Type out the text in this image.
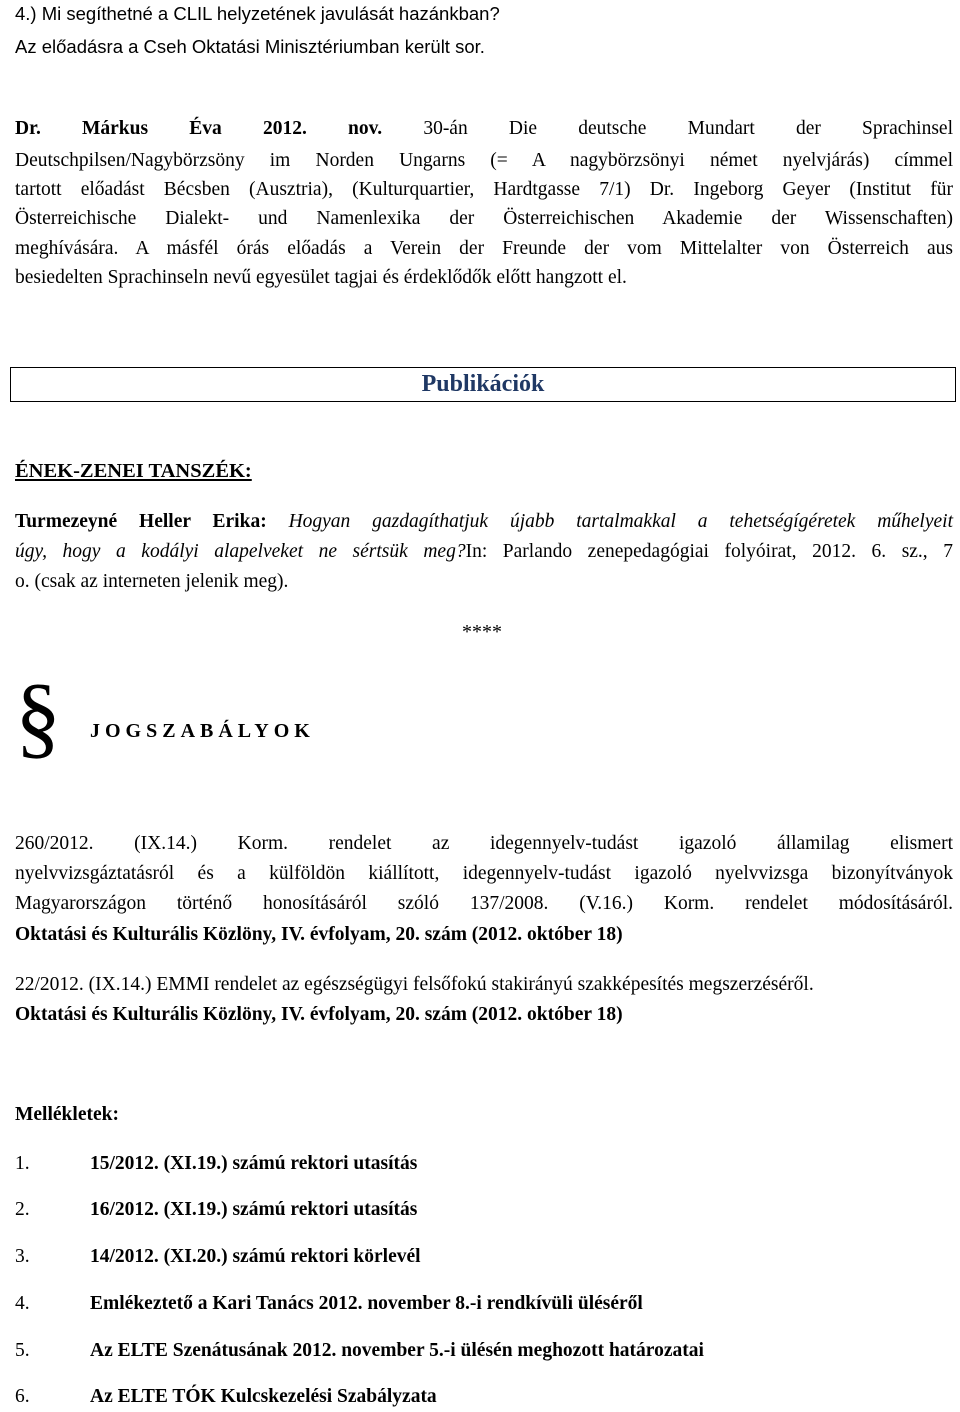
4.) Mi segíthetné a CLIL helyzetének javulását hazánkban?
Az előadásra a Cseh Oktatási Minisztériumban került sor.
Dr. Márkus Éva 2012. nov. 30-án Die deutsche Mundart der Sprachinsel
Deutschpilsen/Nagybörzsöny im Norden Ungarns (= A nagybörzsönyi német nyelvjárás) címmel
tartott előadást Bécsben (Ausztria), (Kulturquartier, Hardtgasse 7/1) Dr. Ingeborg Geyer (Institut für
Österreichische Dialekt- und Namenlexika der Österreichischen Akademie der Wissenschaften)
meghívására. A másfél órás előadás a Verein der Freunde der vom Mittelalter von Österreich aus
besiedelten Sprachinseln nevű egyesület tagjai és érdeklődők előtt hangzott el.
Publikációk
ÉNEK-ZENEI TANSZÉK:
Turmezeyné Heller Erika: Hogyan gazdagíthatjuk újabb tartalmakkal a tehetségígéretek műhelyeit
úgy, hogy a kodályi alapelveket ne sértsük meg?In: Parlando zenepedagógiai folyóirat, 2012. 6. sz., 7
o. (csak az interneten jelenik meg).
****
§ JOGSZABÁLYOK
260/2012. (IX.14.) Korm. rendelet az idegennyelv-tudást igazoló államilag elismert
nyelvvizsgáztatásról és a külföldön kiállított, idegennyelv-tudást igazoló nyelvvizsga bizonyítványok
Magyarországon történő honosításáról szóló 137/2008. (V.16.) Korm. rendelet módosításáról.
Oktatási és Kulturális Közlöny, IV. évfolyam, 20. szám (2012. október 18)
22/2012. (IX.14.) EMMI rendelet az egészségügyi felsőfokú stakirányú szakképesítés megszerzéséről.
Oktatási és Kulturális Közlöny, IV. évfolyam, 20. szám (2012. október 18)
Mellékletek:
1.	15/2012. (XI.19.) számú rektori utasítás
2.	16/2012. (XI.19.) számú rektori utasítás
3.	14/2012. (XI.20.) számú rektori körlevél
4.	Emlékeztető a Kari Tanács 2012. november 8.-i rendkívüli üléséről
5.	Az ELTE Szenátusának 2012. november 5.-i ülésén meghozott határozatai
6.	Az ELTE TÓK Kulcskezelési Szabályzata
